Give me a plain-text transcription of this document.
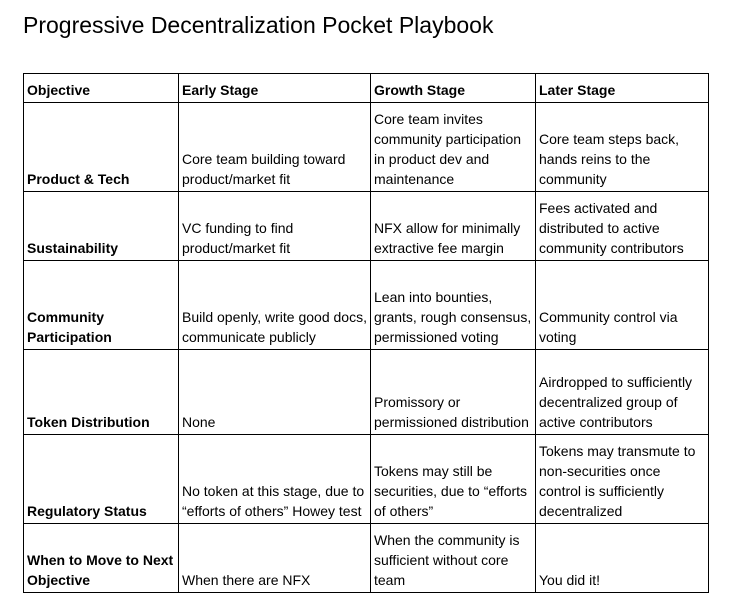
Progressive Decentralization Pocket Playbook
Objective	Early Stage	Growth Stage	Later Stage
Product & Tech	Core team building toward product/market fit	Core team invites community participation in product dev and maintenance	Core team steps back, hands reins to the community
Sustainability	VC funding to find product/market fit	NFX allow for minimally extractive fee margin	Fees activated and distributed to active community contributors
Community Participation	Build openly, write good docs, communicate publicly	Lean into bounties, grants, rough consensus, permissioned voting	Community control via voting
Token Distribution	None	Promissory or permissioned distribution	Airdropped to sufficiently decentralized group of active contributors
Regulatory Status	No token at this stage, due to “efforts of others” Howey test	Tokens may still be securities, due to “efforts of others”	Tokens may transmute to non-securities once control is sufficiently decentralized
When to Move to Next Objective	When there are NFX	When the community is sufficient without core team	You did it!
